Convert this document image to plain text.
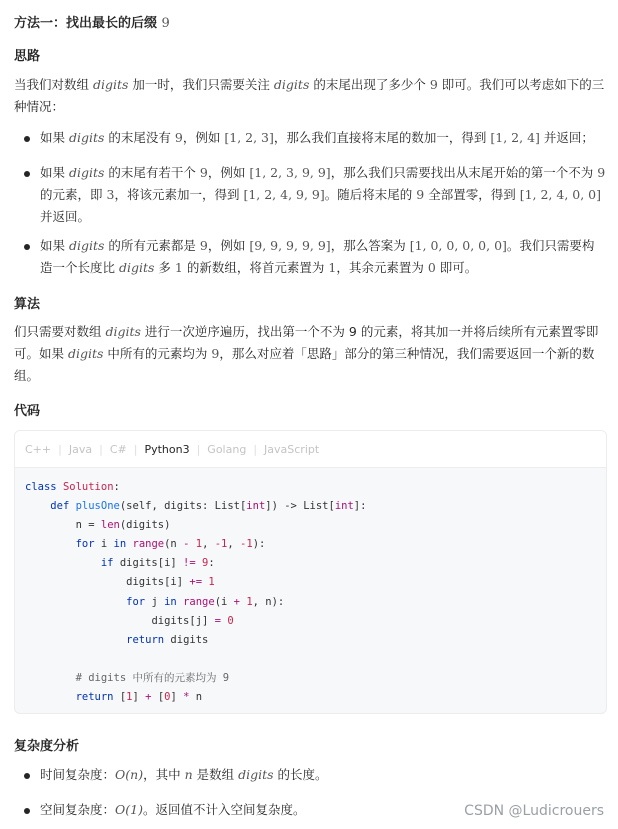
方法一：找出最长的后缀 9
思路

当我们对数组 digits 加一时，我们只需要关注 digits 的末尾出现了多少个 9 即可。我们可以考虑如下的三种情况：

如果 digits 的末尾没有 9，例如 [1, 2, 3]，那么我们直接将末尾的数加一，得到 [1, 2, 4] 并返回；
如果 digits 的末尾有若干个 9，例如 [1, 2, 3, 9, 9]，那么我们只需要找出从末尾开始的第一个不为 9 的元素，即 3，将该元素加一，得到 [1, 2, 4, 9, 9]。随后将末尾的 9 全部置零，得到 [1, 2, 4, 0, 0] 并返回。
如果 digits 的所有元素都是 9，例如 [9, 9, 9, 9, 9]，那么答案为 [1, 0, 0, 0, 0, 0]。我们只需要构造一个长度比 digits 多 1 的新数组，将首元素置为 1，其余元素置为 0 即可。
算法

们只需要对数组 digits 进行一次逆序遍历，找出第一个不为 9 的元素，将其加一并将后续所有元素置零即可。如果 digits 中所有的元素均为 9，那么对应着「思路」部分的第三种情况，我们需要返回一个新的数组。

代码
C++ | Java | C# | Python3 | Golang | JavaScript
class Solution:
def plusOne(self, digits: List[int]) -> List[int]:
n = len(digits)
for i in range(n - 1, -1, -1):
if digits[i] != 9:
digits[i] += 1
for j in range(i + 1, n):
digits[j] = 0
return digits

# digits 中所有的元素均为 9
return [1] + [0] * n
复杂度分析
时间复杂度：O(n)，其中 n 是数组 digits 的长度。
空间复杂度：O(1)。返回值不计入空间复杂度。	CSDN @Ludicrouers
